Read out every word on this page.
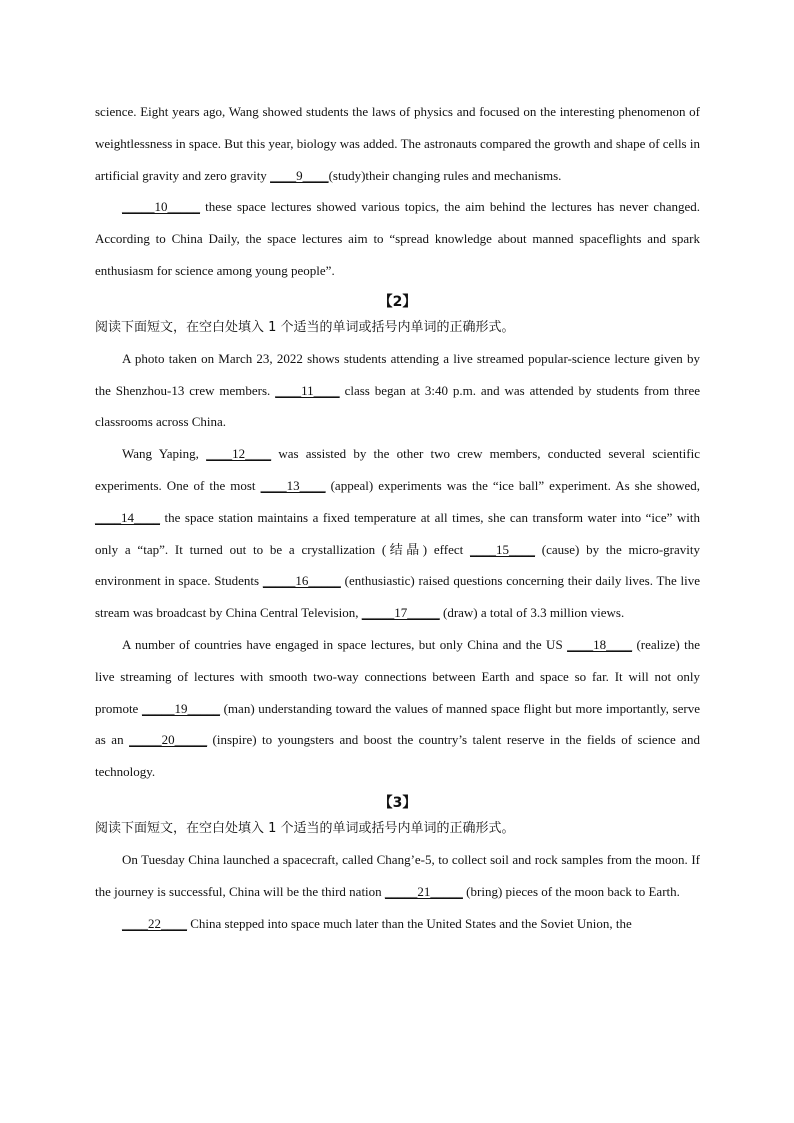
science. Eight years ago, Wang showed students the laws of physics and focused on the interesting phenomenon of weightlessness in space. But this year, biology was added. The astronauts compared the growth and shape of cells in artificial gravity and zero gravity ____9____(study)their changing rules and mechanisms.

_____10_____ these space lectures showed various topics, the aim behind the lectures has never changed. According to China Daily, the space lectures aim to “spread knowledge about manned spaceflights and spark enthusiasm for science among young people”.

【2】
阅读下面短文，在空白处填入 1 个适当的单词或括号内单词的正确形式。

A photo taken on March 23, 2022 shows students attending a live streamed popular-science lecture given by the Shenzhou-13 crew members. ____11____ class began at 3:40 p.m. and was attended by students from three classrooms across China.

Wang Yaping, ____12____ was assisted by the other two crew members, conducted several scientific experiments. One of the most ____13____ (appeal) experiments was the “ice ball” experiment. As she showed, ____14____ the space station maintains a fixed temperature at all times, she can transform water into “ice” with only a “tap”. It turned out to be a crystallization (结晶) effect ____15____ (cause) by the micro-gravity environment in space. Students _____16_____ (enthusiastic) raised questions concerning their daily lives. The live stream was broadcast by China Central Television, _____17_____ (draw) a total of 3.3 million views.

A number of countries have engaged in space lectures, but only China and the US ____18____ (realize) the live streaming of lectures with smooth two-way connections between Earth and space so far. It will not only promote _____19_____ (man) understanding toward the values of manned space flight but more importantly, serve as an _____20_____ (inspire) to youngsters and boost the country’s talent reserve in the fields of science and technology.

【3】
阅读下面短文，在空白处填入 1 个适当的单词或括号内单词的正确形式。

On Tuesday China launched a spacecraft, called Chang’e-5, to collect soil and rock samples from the moon. If the journey is successful, China will be the third nation _____21_____ (bring) pieces of the moon back to Earth.

____22____ China stepped into space much later than the United States and the Soviet Union, the
